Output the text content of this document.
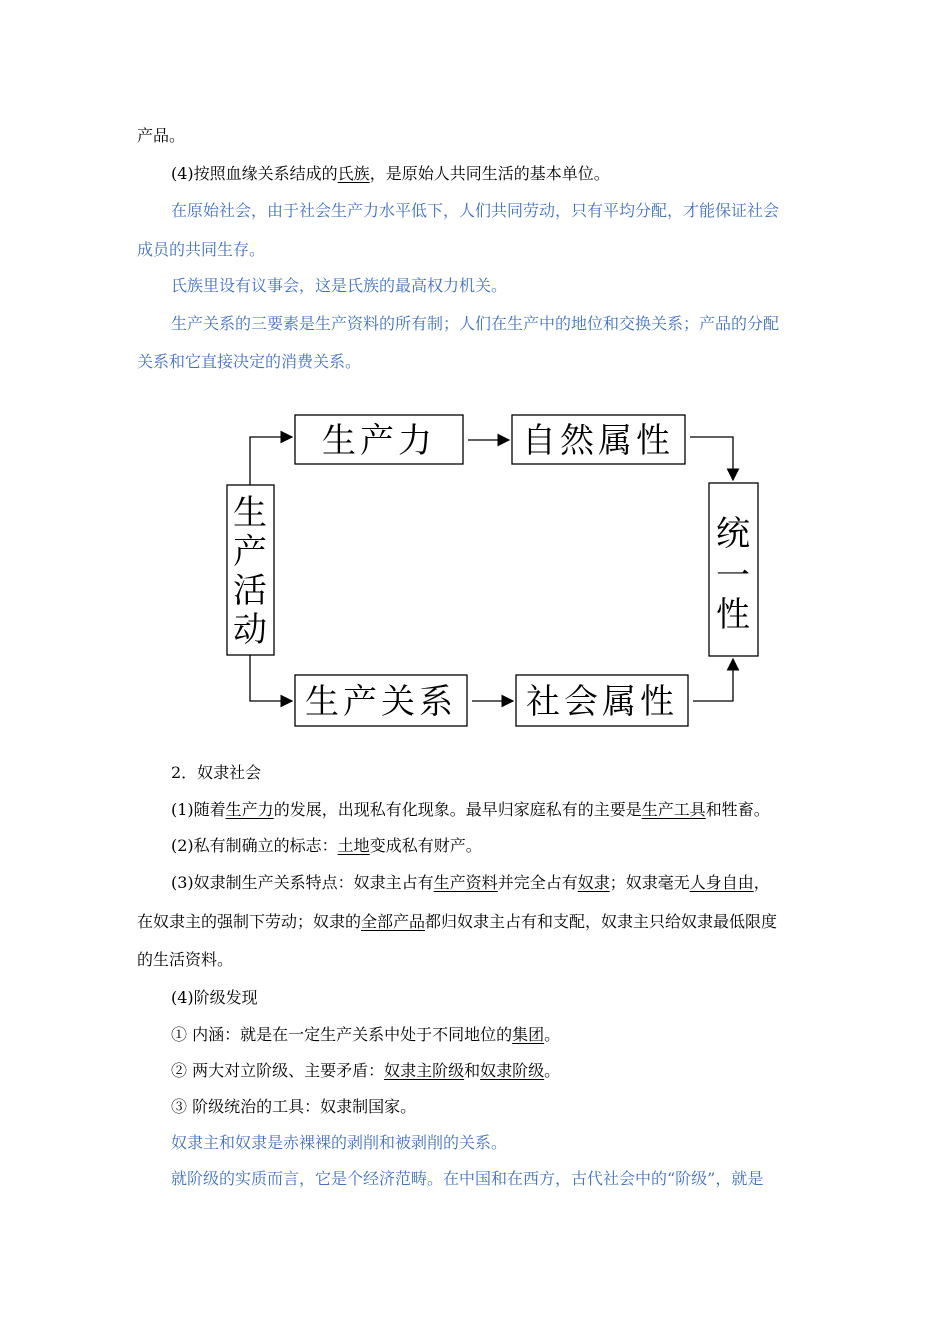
产品。
(4)按照血缘关系结成的氏族，是原始人共同生活的基本单位。
在原始社会，由于社会生产力水平低下，人们共同劳动，只有平均分配，才能保证社会
成员的共同生存。
氏族里设有议事会，这是氏族的最高权力机关。
生产关系的三要素是生产资料的所有制；人们在生产中的地位和交换关系；产品的分配
关系和它直接决定的消费关系。
生产力	自然属性
生产关系 社会属性
生
产
活
动
统
一
性
2．奴隶社会
(1)随着生产力的发展，出现私有化现象。最早归家庭私有的主要是生产工具和牲畜。
(2)私有制确立的标志：土地变成私有财产。
(3)奴隶制生产关系特点：奴隶主占有生产资料并完全占有奴隶；奴隶毫无人身自由，
在奴隶主的强制下劳动；奴隶的全部产品都归奴隶主占有和支配，奴隶主只给奴隶最低限度
的生活资料。
(4)阶级发现
① 内涵：就是在一定生产关系中处于不同地位的集团。
② 两大对立阶级、主要矛盾：奴隶主阶级和奴隶阶级。
③ 阶级统治的工具：奴隶制国家。
奴隶主和奴隶是赤裸裸的剥削和被剥削的关系。
就阶级的实质而言，它是个经济范畴。在中国和在西方，古代社会中的“阶级”，就是
